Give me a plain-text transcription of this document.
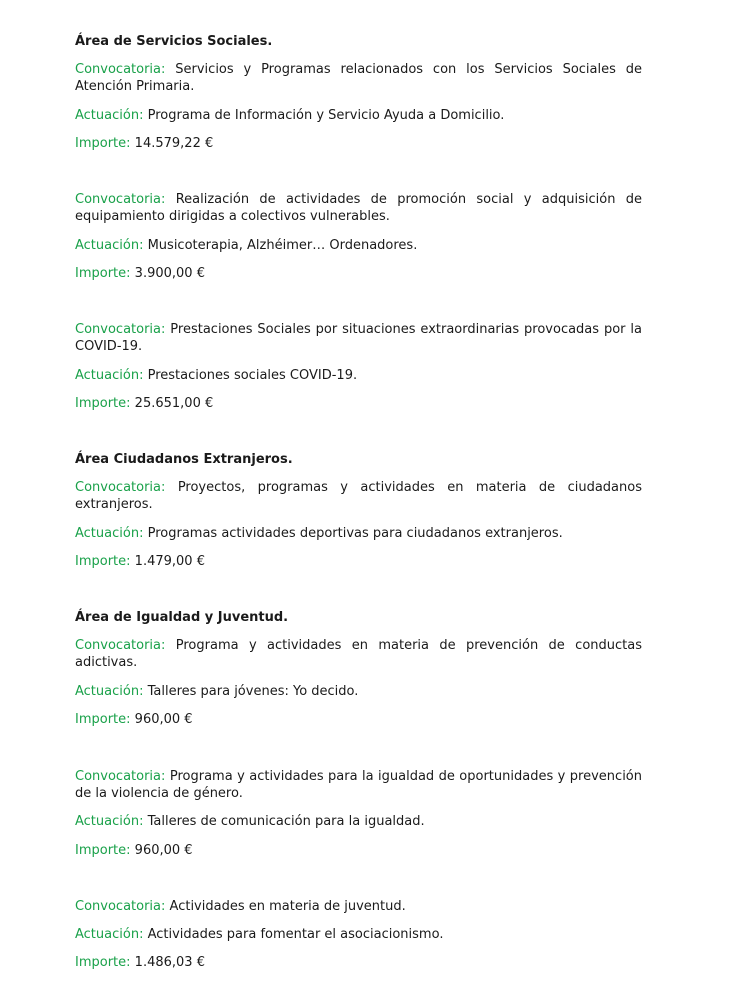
Área de Servicios Sociales.

Convocatoria: Servicios y Programas relacionados con los Servicios Sociales de Atención Primaria.

Actuación: Programa de Información y Servicio Ayuda a Domicilio.

Importe: 14.579,22 €

Convocatoria: Realización de actividades de promoción social y adquisición de equipamiento dirigidas a colectivos vulnerables.

Actuación: Musicoterapia, Alzhéimer… Ordenadores.

Importe: 3.900,00 €

Convocatoria: Prestaciones Sociales por situaciones extraordinarias provocadas por la COVID-19.

Actuación: Prestaciones sociales COVID-19.

Importe: 25.651,00 €

Área Ciudadanos Extranjeros.

Convocatoria: Proyectos, programas y actividades en materia de ciudadanos extranjeros.

Actuación: Programas actividades deportivas para ciudadanos extranjeros.

Importe: 1.479,00 €

Área de Igualdad y Juventud.

Convocatoria: Programa y actividades en materia de prevención de conductas adictivas.

Actuación: Talleres para jóvenes: Yo decido.

Importe: 960,00 €

Convocatoria: Programa y actividades para la igualdad de oportunidades y prevención de la violencia de género.

Actuación: Talleres de comunicación para la igualdad.

Importe: 960,00 €

Convocatoria: Actividades en materia de juventud.

Actuación: Actividades para fomentar el asociacionismo.

Importe: 1.486,03 €
